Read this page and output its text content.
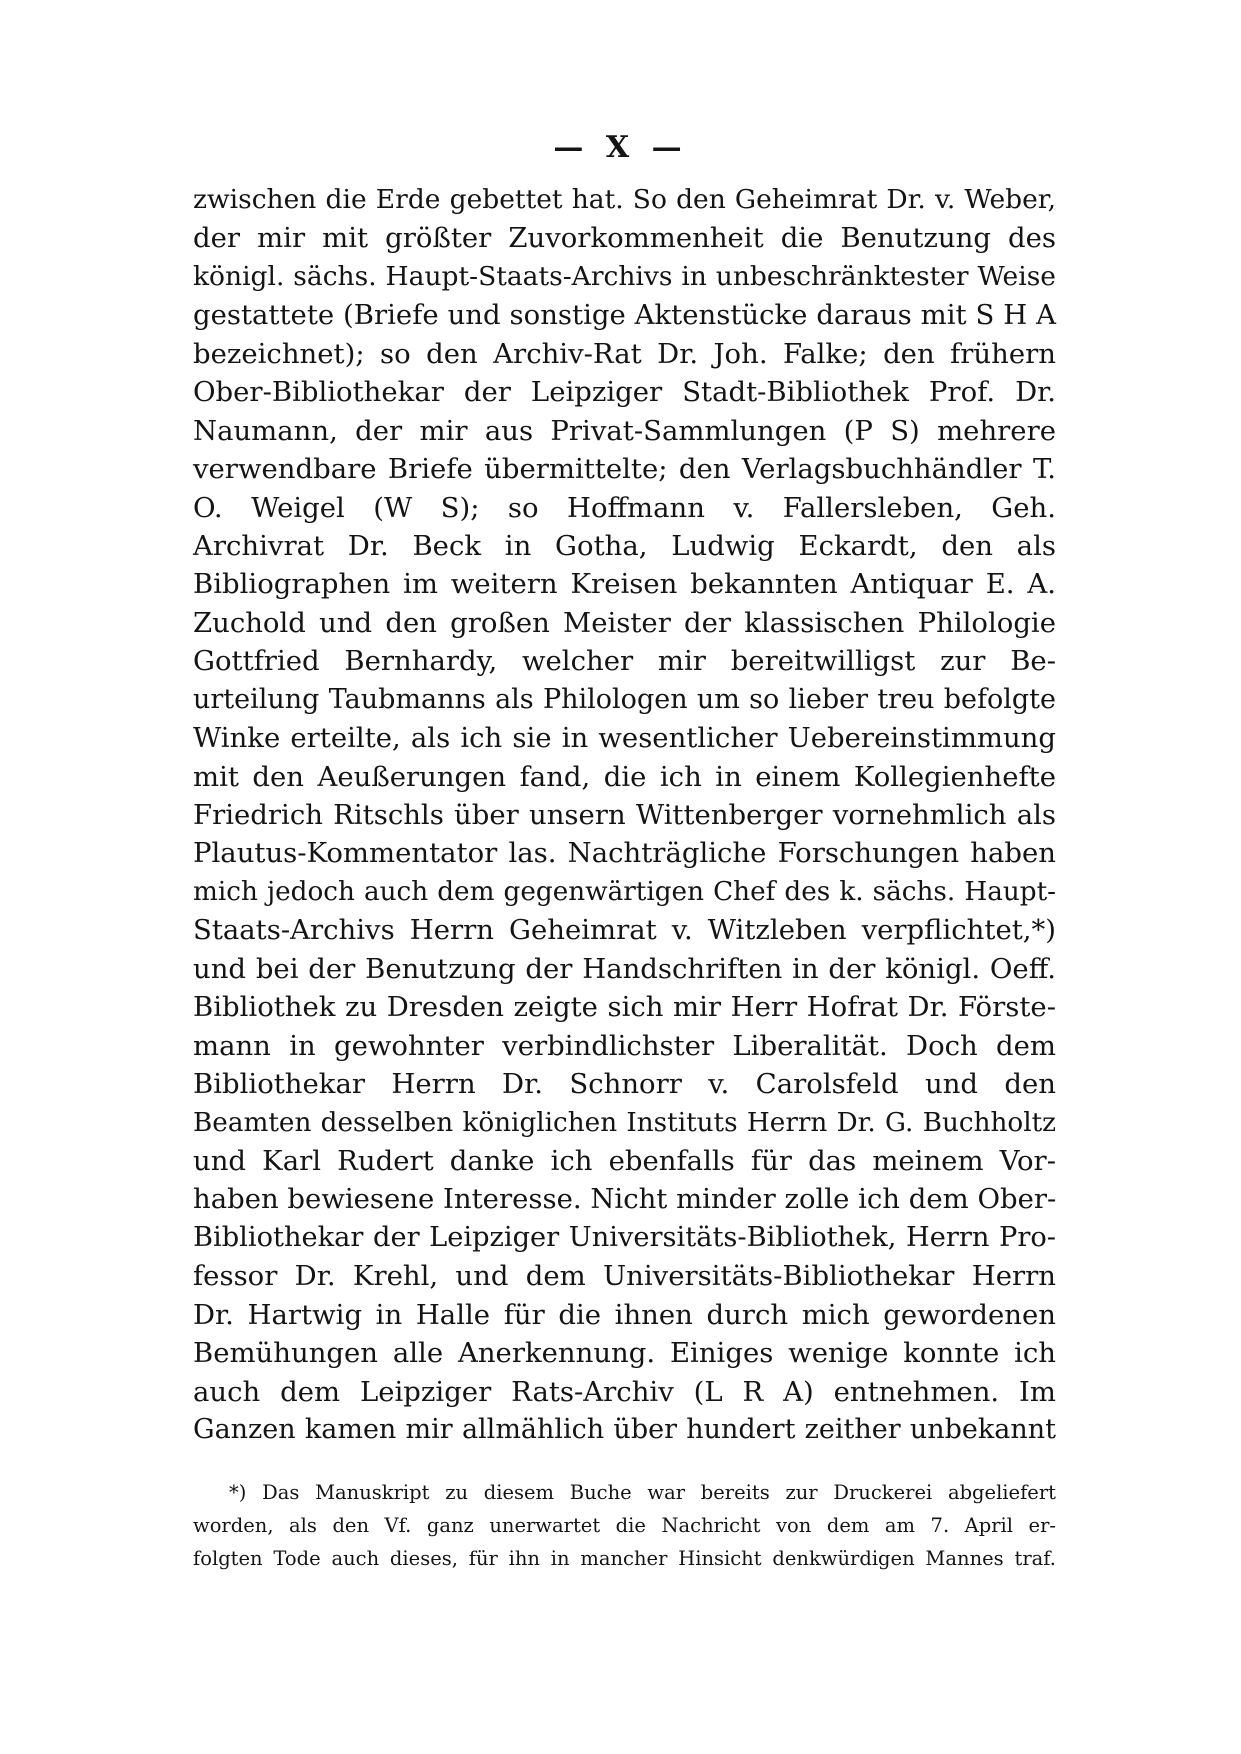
— X —
zwischen die Erde gebettet hat. So den Geheimrat Dr. v. Weber,
der mir mit größter Zuvorkommenheit die Benutzung des
königl. sächs. Haupt-Staats-Archivs in unbeschränktester Weise
gestattete (Briefe und sonstige Aktenstücke daraus mit S H A
bezeichnet); so den Archiv-Rat Dr. Joh. Falke; den frühern
Ober-Bibliothekar der Leipziger Stadt-Bibliothek Prof. Dr.
Naumann, der mir aus Privat-Sammlungen (P S) mehrere
verwendbare Briefe übermittelte; den Verlagsbuchhändler T.
O. Weigel (W S); so Hoffmann v. Fallersleben, Geh.
Archivrat Dr. Beck in Gotha, Ludwig Eckardt, den als
Bibliographen im weitern Kreisen bekannten Antiquar E. A.
Zuchold und den großen Meister der klassischen Philologie
Gottfried Bernhardy, welcher mir bereitwilligst zur Be-
urteilung Taubmanns als Philologen um so lieber treu befolgte
Winke erteilte, als ich sie in wesentlicher Uebereinstimmung
mit den Aeußerungen fand, die ich in einem Kollegienhefte
Friedrich Ritschls über unsern Wittenberger vornehmlich als
Plautus-Kommentator las. Nachträgliche Forschungen haben
mich jedoch auch dem gegenwärtigen Chef des k. sächs. Haupt-
Staats-Archivs Herrn Geheimrat v. Witzleben verpflichtet,*)
und bei der Benutzung der Handschriften in der königl. Oeff.
Bibliothek zu Dresden zeigte sich mir Herr Hofrat Dr. Förste-
mann in gewohnter verbindlichster Liberalität. Doch dem
Bibliothekar Herrn Dr. Schnorr v. Carolsfeld und den
Beamten desselben königlichen Instituts Herrn Dr. G. Buchholtz
und Karl Rudert danke ich ebenfalls für das meinem Vor-
haben bewiesene Interesse. Nicht minder zolle ich dem Ober-
Bibliothekar der Leipziger Universitäts-Bibliothek, Herrn Pro-
fessor Dr. Krehl, und dem Universitäts-Bibliothekar Herrn
Dr. Hartwig in Halle für die ihnen durch mich gewordenen
Bemühungen alle Anerkennung. Einiges wenige konnte ich
auch dem Leipziger Rats-Archiv (L R A) entnehmen. Im
Ganzen kamen mir allmählich über hundert zeither unbekannt
*) Das Manuskript zu diesem Buche war bereits zur Druckerei abgeliefert
worden, als den Vf. ganz unerwartet die Nachricht von dem am 7. April er-
folgten Tode auch dieses, für ihn in mancher Hinsicht denkwürdigen Mannes traf.
